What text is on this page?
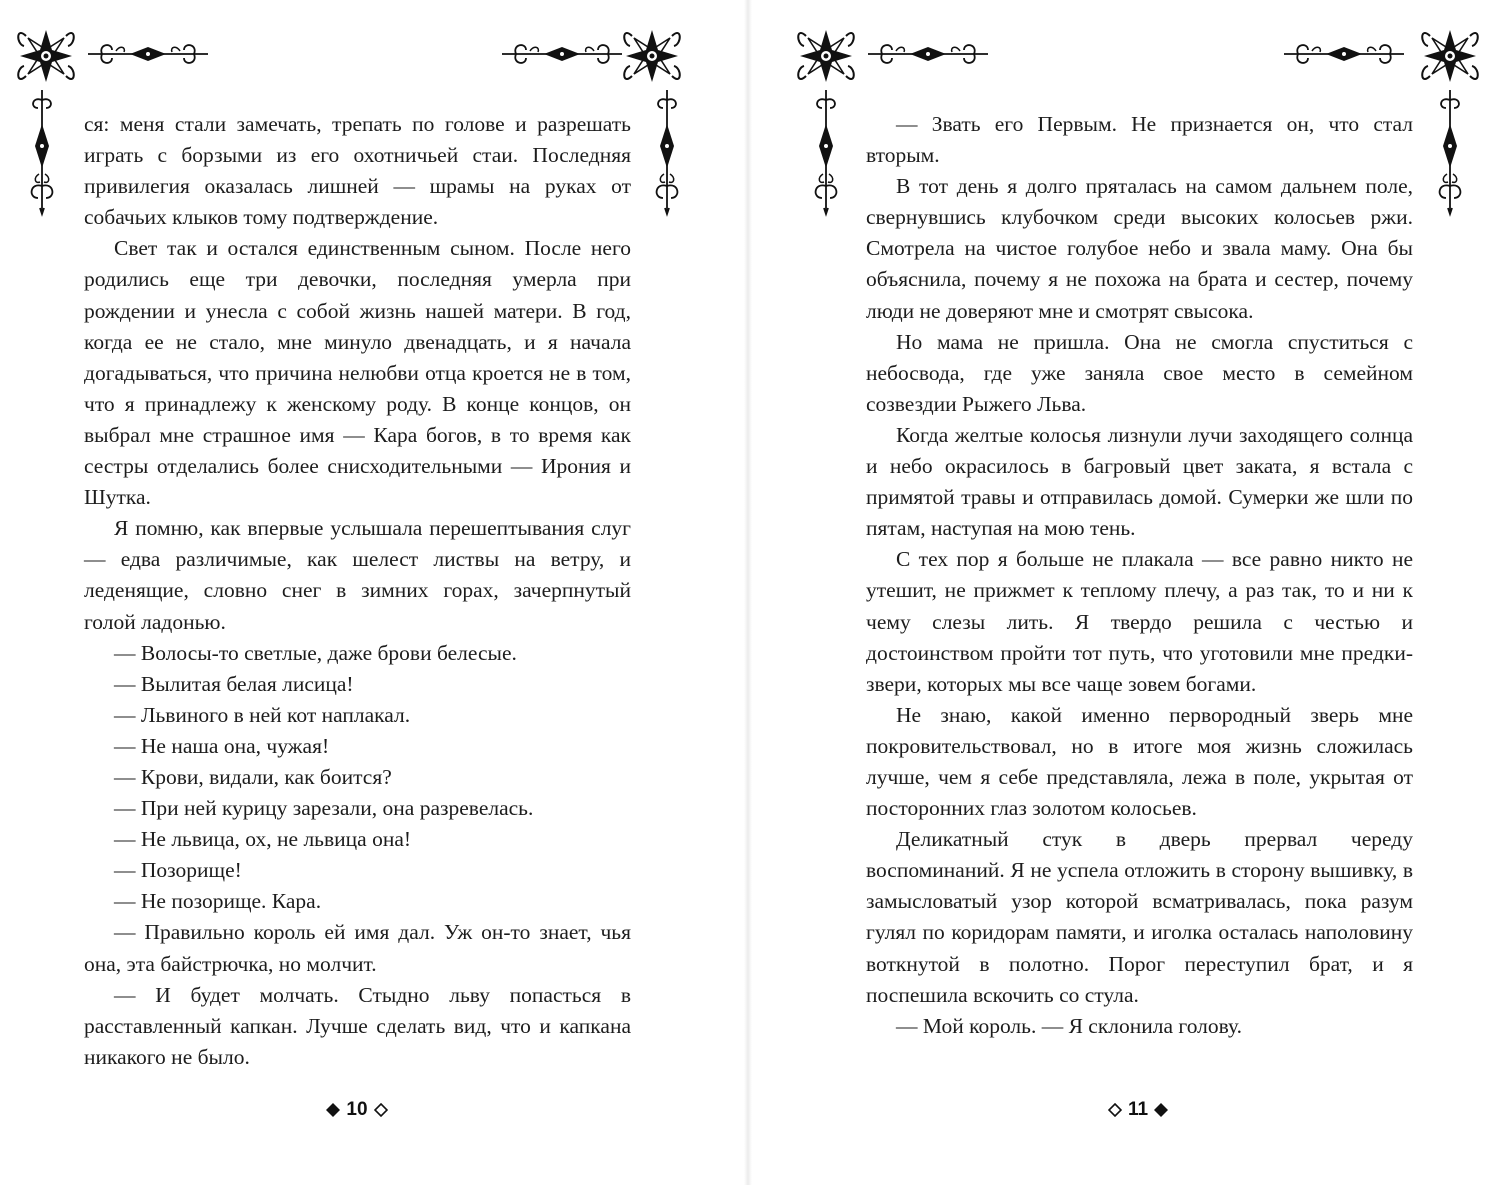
ся: меня стали замечать, трепать по голове и разрешать играть с борзыми из его охотничьей стаи. Последняя привилегия оказалась лишней — шрамы на руках от собачьих клыков тому подтверждение.

Свет так и остался единственным сыном. После него родились еще три девочки, последняя умерла при рождении и унесла с собой жизнь нашей матери. В год, когда ее не стало, мне минуло двенадцать, и я начала догадываться, что причина нелюбви отца кроется не в том, что я принадлежу к женскому роду. В конце концов, он выбрал мне страшное имя — Кара богов, в то время как сестры отделались более снисходительными — Ирония и Шутка.

Я помню, как впервые услышала перешептывания слуг — едва различимые, как шелест листвы на ветру, и леденящие, словно снег в зимних горах, зачерпнутый голой ладонью.

— Волосы-то светлые, даже брови белесые.

— Вылитая белая лисица!

— Львиного в ней кот наплакал.

— Не наша она, чужая!

— Крови, видали, как боится?

— При ней курицу зарезали, она разревелась.

— Не львица, ох, не львица она!

— Позорище!

— Не позорище. Кара.

— Правильно король ей имя дал. Уж он-то знает, чья она, эта байстрючка, но молчит.

— И будет молчать. Стыдно льву попасться в расставленный капкан. Лучше сделать вид, что и капкана никакого не было.

10

— Звать его Первым. Не признается он, что стал вторым.

В тот день я долго пряталась на самом дальнем поле, свернувшись клубочком среди высоких колосьев ржи. Смотрела на чистое голубое небо и звала маму. Она бы объяснила, почему я не похожа на брата и сестер, почему люди не доверяют мне и смотрят свысока.

Но мама не пришла. Она не смогла спуститься с небосвода, где уже заняла свое место в семейном созвездии Рыжего Льва.

Когда желтые колосья лизнули лучи заходящего солнца и небо окрасилось в багровый цвет заката, я встала с примятой травы и отправилась домой. Сумерки же шли по пятам, наступая на мою тень.

С тех пор я больше не плакала — все равно никто не утешит, не прижмет к теплому плечу, а раз так, то и ни к чему слезы лить. Я твердо решила с честью и достоинством пройти тот путь, что уготовили мне предки-звери, которых мы все чаще зовем богами.

Не знаю, какой именно первородный зверь мне покровительствовал, но в итоге моя жизнь сложилась лучше, чем я себе представляла, лежа в поле, укрытая от посторонних глаз золотом колосьев.

Деликатный стук в дверь прервал череду воспоминаний. Я не успела отложить в сторону вышивку, в замысловатый узор которой всматривалась, пока разум гулял по коридорам памяти, и иголка осталась наполовину воткнутой в полотно. Порог переступил брат, и я поспешила вскочить со стула.

— Мой король. — Я склонила голову.

11
